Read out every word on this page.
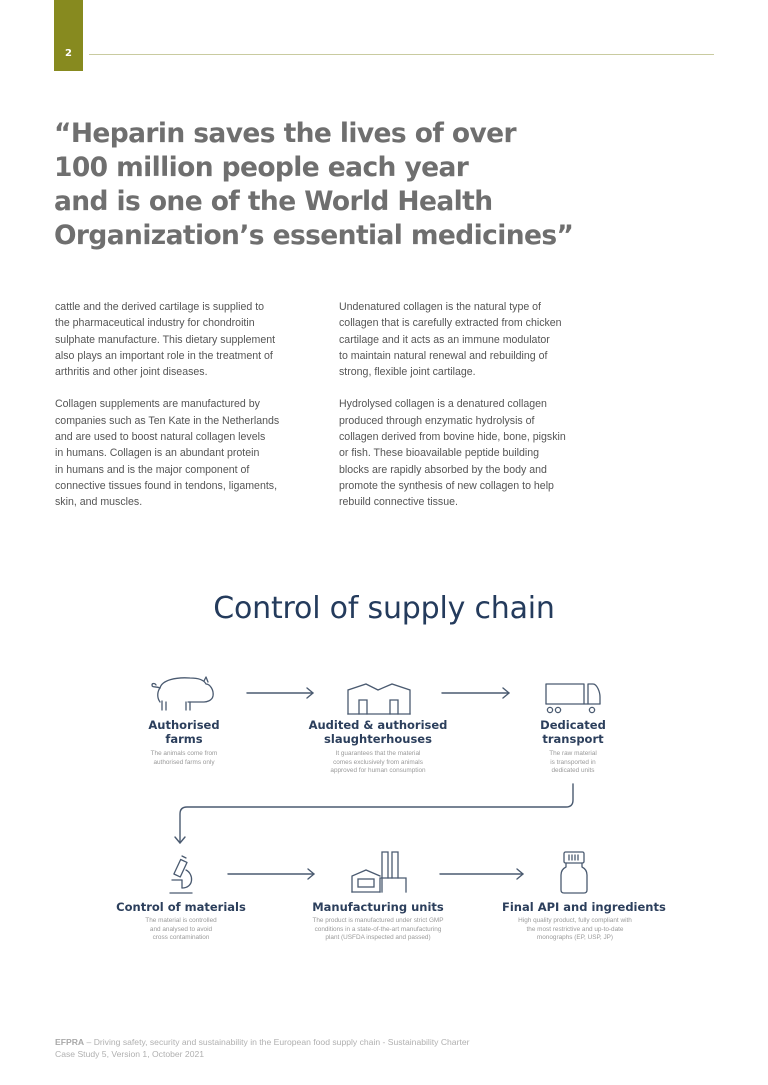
2
“Heparin saves the lives of over
100 million people each year
and is one of the World Health
Organization’s essential medicines”

cattle and the derived cartilage is supplied to
the pharmaceutical industry for chondroitin
sulphate manufacture. This dietary supplement
also plays an important role in the treatment of
arthritis and other joint diseases.

Collagen supplements are manufactured by
companies such as Ten Kate in the Netherlands
and are used to boost natural collagen levels
in humans. Collagen is an abundant protein
in humans and is the major component of
connective tissues found in tendons, ligaments,
skin, and muscles.

Undenatured collagen is the natural type of
collagen that is carefully extracted from chicken
cartilage and it acts as an immune modulator
to maintain natural renewal and rebuilding of
strong, flexible joint cartilage.

Hydrolysed collagen is a denatured collagen
produced through enzymatic hydrolysis of
collagen derived from bovine hide, bone, pigskin
or fish. These bioavailable peptide building
blocks are rapidly absorbed by the body and
promote the synthesis of new collagen to help
rebuild connective tissue.

Control of supply chain
Authorised
farms
The animals come from
authorised farms only
Audited & authorised
slaughterhouses
It guarantees that the material
comes exclusively from animals
approved for human consumption
Dedicated
transport
The raw material
is transported in
dedicated units
Control of materials
The material is controlled
and analysed to avoid
cross contamination
Manufacturing units
The product is manufactured under strict GMP
conditions in a state-of-the-art manufacturing
plant (USFDA inspected and passed)
Final API and ingredients
High quality product, fully compliant with
the most restrictive and up-to-date
monographs (EP, USP, JP)
EFPRA – Driving safety, security and sustainability in the European food supply chain - Sustainability Charter
Case Study 5, Version 1, October 2021
